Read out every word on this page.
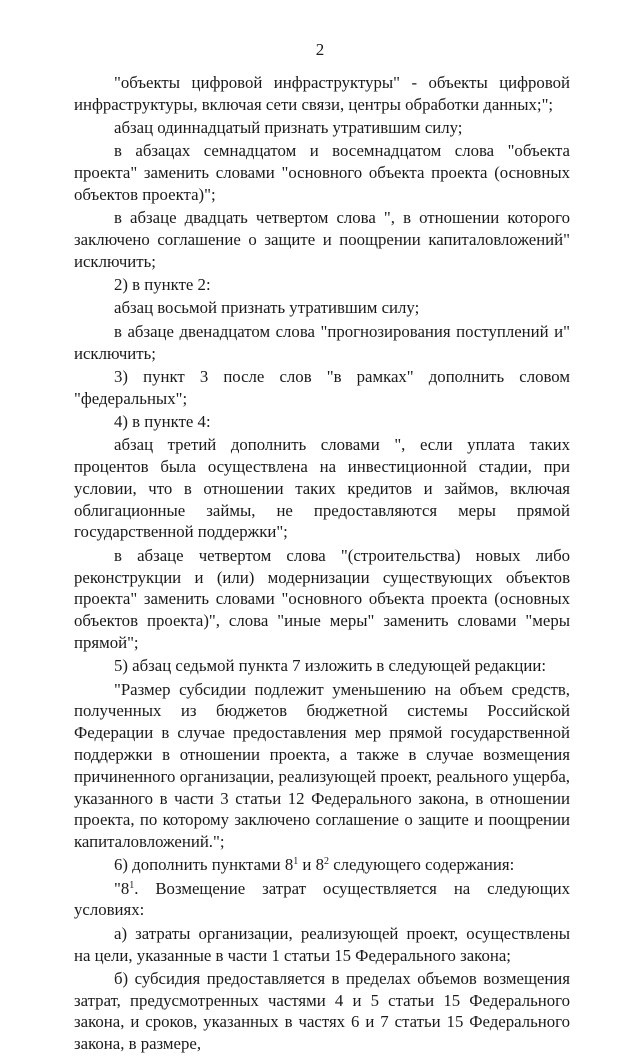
2

"объекты цифровой инфраструктуры" - объекты цифровой инфраструктуры, включая сети связи, центры обработки данных;";

абзац одиннадцатый признать утратившим силу;

в абзацах семнадцатом и восемнадцатом слова "объекта проекта" заменить словами "основного объекта проекта (основных объектов проекта)";

в абзаце двадцать четвертом слова ", в отношении которого заключено соглашение о защите и поощрении капиталовложений" исключить;

2) в пункте 2:

абзац восьмой признать утратившим силу;

в абзаце двенадцатом слова "прогнозирования поступлений и" исключить;

3) пункт 3 после слов "в рамках" дополнить словом "федеральных";

4) в пункте 4:

абзац третий дополнить словами ", если уплата таких процентов была осуществлена на инвестиционной стадии, при условии, что в отношении таких кредитов и займов, включая облигационные займы, не предоставляются меры прямой государственной поддержки";

в абзаце четвертом слова "(строительства) новых либо реконструкции и (или) модернизации существующих объектов проекта" заменить словами "основного объекта проекта (основных объектов проекта)", слова "иные меры" заменить словами "меры прямой";

5) абзац седьмой пункта 7 изложить в следующей редакции:

"Размер субсидии подлежит уменьшению на объем средств, полученных из бюджетов бюджетной системы Российской Федерации в случае предоставления мер прямой государственной поддержки в отношении проекта, а также в случае возмещения причиненного организации, реализующей проект, реального ущерба, указанного в части 3 статьи 12 Федерального закона, в отношении проекта, по которому заключено соглашение о защите и поощрении капиталовложений.";

6) дополнить пунктами $8^1$ и $8^2$ следующего содержания:

"$8^1$. Возмещение затрат осуществляется на следующих условиях:

а) затраты организации, реализующей проект, осуществлены на цели, указанные в части 1 статьи 15 Федерального закона;

б) субсидия предоставляется в пределах объемов возмещения затрат, предусмотренных частями 4 и 5 статьи 15 Федерального закона, и сроков, указанных в частях 6 и 7 статьи 15 Федерального закона, в размере,
